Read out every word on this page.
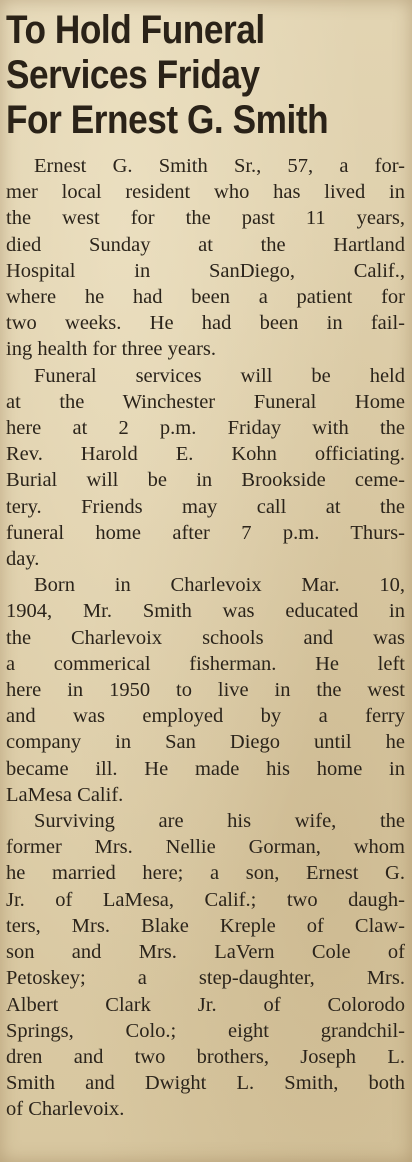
To Hold Funeral
Services Friday
For Ernest G. Smith

Ernest G. Smith Sr., 57, a for-
mer local resident who has lived in
the west for the past 11 years,
died Sunday at the Hartland
Hospital in SanDiego, Calif.,
where he had been a patient for
two weeks. He had been in fail-
ing health for three years.

Funeral services will be held
at the Winchester Funeral Home
here at 2 p.m. Friday with the
Rev. Harold E. Kohn officiating.
Burial will be in Brookside ceme-
tery. Friends may call at the
funeral home after 7 p.m. Thurs-
day.

Born in Charlevoix Mar. 10,
1904, Mr. Smith was educated in
the Charlevoix schools and was
a commerical fisherman. He left
here in 1950 to live in the west
and was employed by a ferry
company in San Diego until he
became ill. He made his home in
LaMesa Calif.

Surviving are his wife, the
former Mrs. Nellie Gorman, whom
he married here; a son, Ernest G.
Jr. of LaMesa, Calif.; two daugh-
ters, Mrs. Blake Kreple of Claw-
son and Mrs. LaVern Cole of
Petoskey; a step-daughter, Mrs.
Albert Clark Jr. of Colorodo
Springs, Colo.; eight grandchil-
dren and two brothers, Joseph L.
Smith and Dwight L. Smith, both
of Charlevoix.
